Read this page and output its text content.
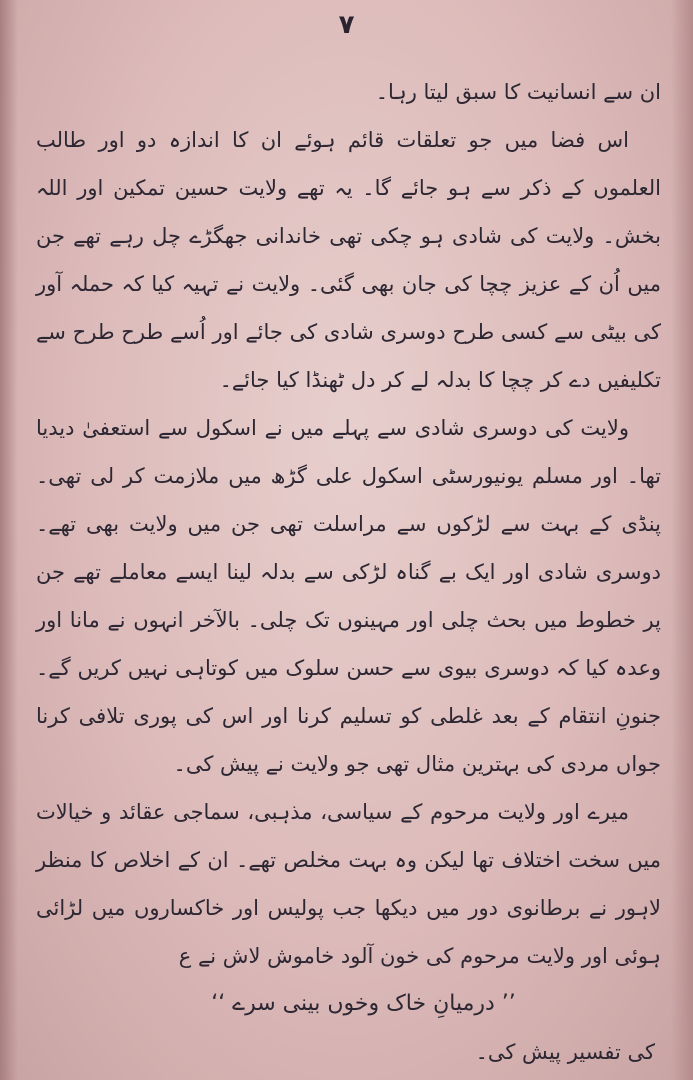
۷

ان سے انسانیت کا سبق لیتا رہا۔

اس فضا میں جو تعلقات قائم ہوئے ان کا اندازہ دو اور طالب العلموں کے ذکر سے ہو جائے گا۔ یہ تھے ولایت حسین تمکین اور اللہ بخش۔ ولایت کی شادی ہو چکی تھی خاندانی جھگڑے چل رہے تھے جن میں اُن کے عزیز چچا کی جان بھی گئی۔ ولایت نے تہیہ کیا کہ حملہ آور کی بیٹی سے کسی طرح دوسری شادی کی جائے اور اُسے طرح طرح سے تکلیفیں دے کر چچا کا بدلہ لے کر دل ٹھنڈا کیا جائے۔

ولایت کی دوسری شادی سے پہلے میں نے اسکول سے استعفیٰ دیدیا تھا۔ اور مسلم یونیورسٹی اسکول علی گڑھ میں ملازمت کر لی تھی۔ پنڈی کے بہت سے لڑکوں سے مراسلت تھی جن میں ولایت بھی تھے۔ دوسری شادی اور ایک بے گناہ لڑکی سے بدلہ لینا ایسے معاملے تھے جن پر خطوط میں بحث چلی اور مہینوں تک چلی۔ بالآخر انہوں نے مانا اور وعدہ کیا کہ دوسری بیوی سے حسن سلوک میں کوتاہی نہیں کریں گے۔ جنونِ انتقام کے بعد غلطی کو تسلیم کرنا اور اس کی پوری تلافی کرنا جواں مردی کی بہترین مثال تھی جو ولایت نے پیش کی۔

میرے اور ولایت مرحوم کے سیاسی، مذہبی، سماجی عقائد و خیالات میں سخت اختلاف تھا لیکن وہ بہت مخلص تھے۔ ان کے اخلاص کا منظر لاہور نے برطانوی دور میں دیکھا جب پولیس اور خاکساروں میں لڑائی ہوئی اور ولایت مرحوم کی خون آلود خاموش لاش نے ع

’’ درمیانِ خاک وخوں بینی سرے ‘‘

کی تفسیر پیش کی۔
